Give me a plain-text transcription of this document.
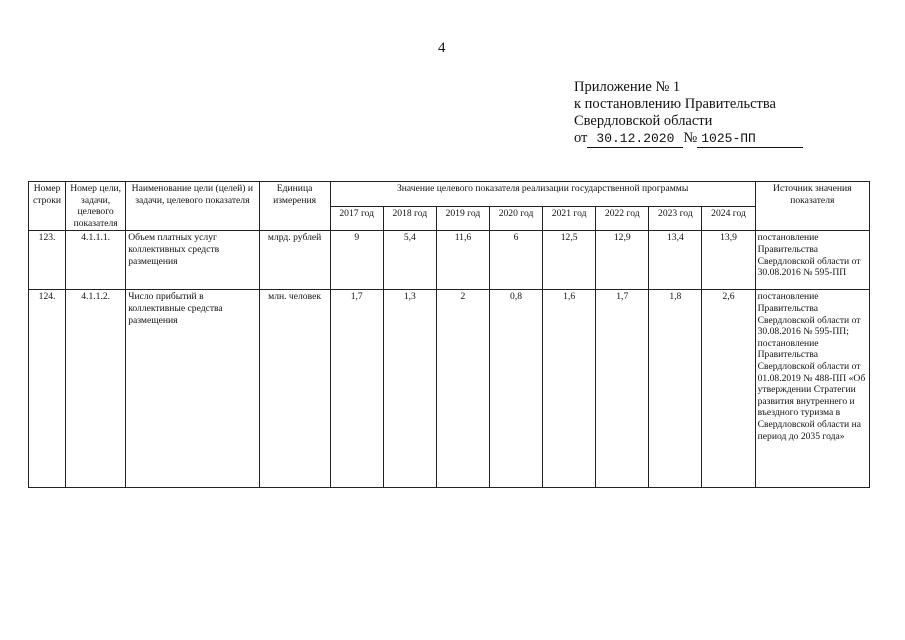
4
Приложение № 1
к постановлению Правительства
Свердловской области
от 30.12.2020 № 1025-ПП
Номер строки	Номер цели, задачи, целевого показателя	Наименование цели (целей) и задачи, целевого показателя	Единица измерения	Значение целевого показателя реализации государственной программы								Источник значения показателя
				2017 год	2018 год	2019 год	2020 год	2021 год	2022 год	2023 год	2024 год	
123.	4.1.1.1.	Объем платных услуг коллективных средств размещения	млрд. рублей	9	5,4	11,6	6	12,5	12,9	13,4	13,9	постановление Правительства Свердловской области от 30.08.2016 № 595-ПП
124.	4.1.1.2.	Число прибытий в коллективные средства размещения	млн. человек	1,7	1,3	2	0,8	1,6	1,7	1,8	2,6	постановление Правительства Свердловской области от 30.08.2016 № 595-ПП; постановление Правительства Свердловской области от 01.08.2019 № 488-ПП «Об утверждении Стратегии развития внутреннего и въездного туризма в Свердловской области на период до 2035 года»
